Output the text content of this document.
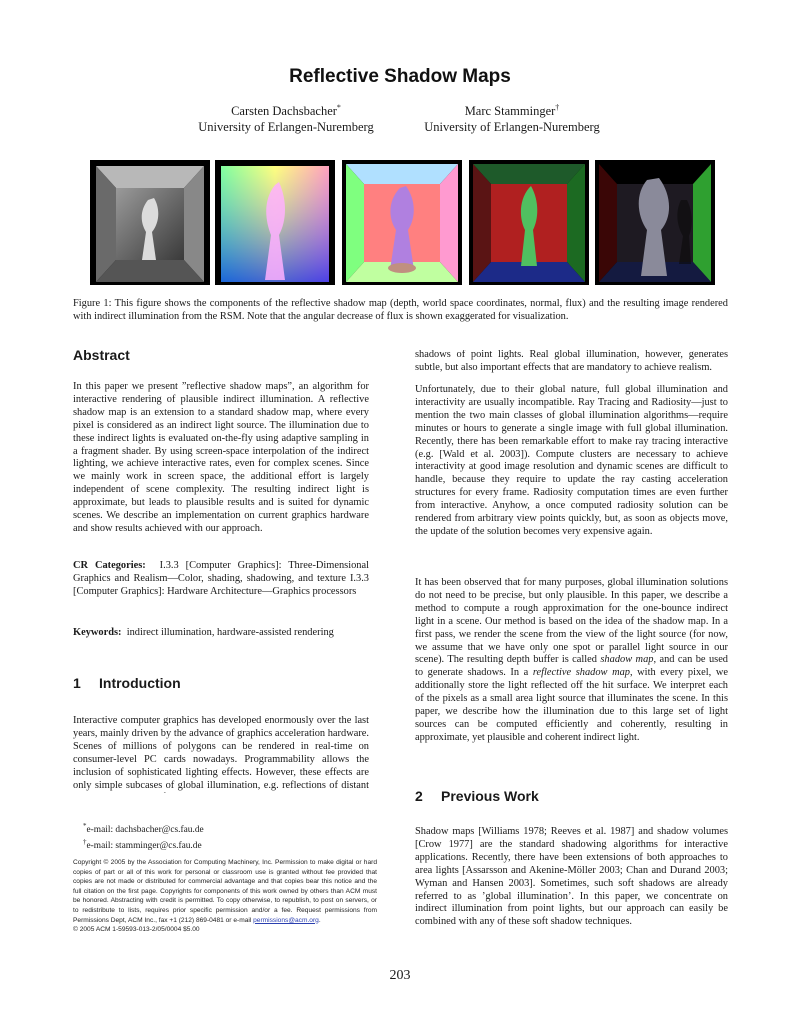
Reflective Shadow Maps
Carsten Dachsbacher*
University of Erlangen-Nuremberg
Marc Stamminger†
University of Erlangen-Nuremberg
Figure 1: This figure shows the components of the reflective shadow map (depth, world space coordinates, normal, flux) and the resulting image rendered with indirect illumination from the RSM. Note that the angular decrease of flux is shown exaggerated for visualization.
Abstract

In this paper we present ”reflective shadow maps”, an algorithm for interactive rendering of plausible indirect illumination. A reflective shadow map is an extension to a standard shadow map, where every pixel is considered as an indirect light source. The illumination due to these indirect lights is evaluated on-the-fly using adaptive sampling in a fragment shader. By using screen-space interpolation of the indirect lighting, we achieve interactive rates, even for complex scenes. Since we mainly work in screen space, the additional effort is largely independent of scene complexity. The resulting indirect light is approximate, but leads to plausible results and is suited for dynamic scenes. We describe an implementation on current graphics hardware and show results achieved with our approach.

CR Categories: I.3.3 [Computer Graphics]: Three-Dimensional Graphics and Realism—Color, shading, shadowing, and texture I.3.3 [Computer Graphics]: Hardware Architecture—Graphics processors

Keywords: indirect illumination, hardware-assisted rendering

1 Introduction

Interactive computer graphics has developed enormously over the last years, mainly driven by the advance of graphics acceleration hardware. Scenes of millions of polygons can be rendered in real-time on consumer-level PC cards nowadays. Programmability allows the inclusion of sophisticated lighting effects. However, these effects are only simple subcases of global illumination, e.g. reflections of distant

*e-mail: dachsbacher@cs.fau.de
†e-mail: stamminger@cs.fau.de
Copyright © 2005 by the Association for Computing Machinery, Inc. Permission to make digital or hard copies of part or all of this work for personal or classroom use is granted without fee provided that copies are not made or distributed for commercial advantage and that copies bear this notice and the full citation on the first page. Copyrights for components of this work owned by others than ACM must be honored. Abstracting with credit is permitted. To copy otherwise, to republish, to post on servers, or to redistribute to lists, requires prior specific permission and/or a fee. Request permissions from Permissions Dept, ACM Inc., fax +1 (212) 869-0481 or e-mail permissions@acm.org.
© 2005 ACM 1-59593-013-2/05/0004 $5.00

shadows of point lights. Real global illumination, however, generates subtle, but also important effects that are mandatory to achieve realism.

Unfortunately, due to their global nature, full global illumination and interactivity are usually incompatible. Ray Tracing and Radiosity—just to mention the two main classes of global illumination algorithms—require minutes or hours to generate a single image with full global illumination. Recently, there has been remarkable effort to make ray tracing interactive (e.g. [Wald et al. 2003]). Compute clusters are necessary to achieve interactivity at good image resolution and dynamic scenes are difficult to handle, because they require to update the ray casting acceleration structures for every frame. Radiosity computation times are even further from interactive. Anyhow, a once computed radiosity solution can be rendered from arbitrary view points quickly, but, as soon as objects move, the update of the solution becomes very expensive again.

It has been observed that for many purposes, global illumination solutions do not need to be precise, but only plausible. In this paper, we describe a method to compute a rough approximation for the one-bounce indirect light in a scene. Our method is based on the idea of the shadow map. In a first pass, we render the scene from the view of the light source (for now, we assume that we have only one spot or parallel light source in our scene). The resulting depth buffer is called shadow map, and can be used to generate shadows. In a reflective shadow map, with every pixel, we additionally store the light reflected off the hit surface. We interpret each of the pixels as a small area light source that illuminates the scene. In this paper, we describe how the illumination due to this large set of light sources can be computed efficiently and coherently, resulting in approximate, yet plausible and coherent indirect light.

2 Previous Work

Shadow maps [Williams 1978; Reeves et al. 1987] and shadow volumes [Crow 1977] are the standard shadowing algorithms for interactive applications. Recently, there have been extensions of both approaches to area lights [Assarsson and Akenine-Möller 2003; Chan and Durand 2003; Wyman and Hansen 2003]. Sometimes, such soft shadows are already referred to as ’global illumination’. In this paper, we concentrate on indirect illumination from point lights, but our approach can easily be combined with any of these soft shadow techniques.

203
